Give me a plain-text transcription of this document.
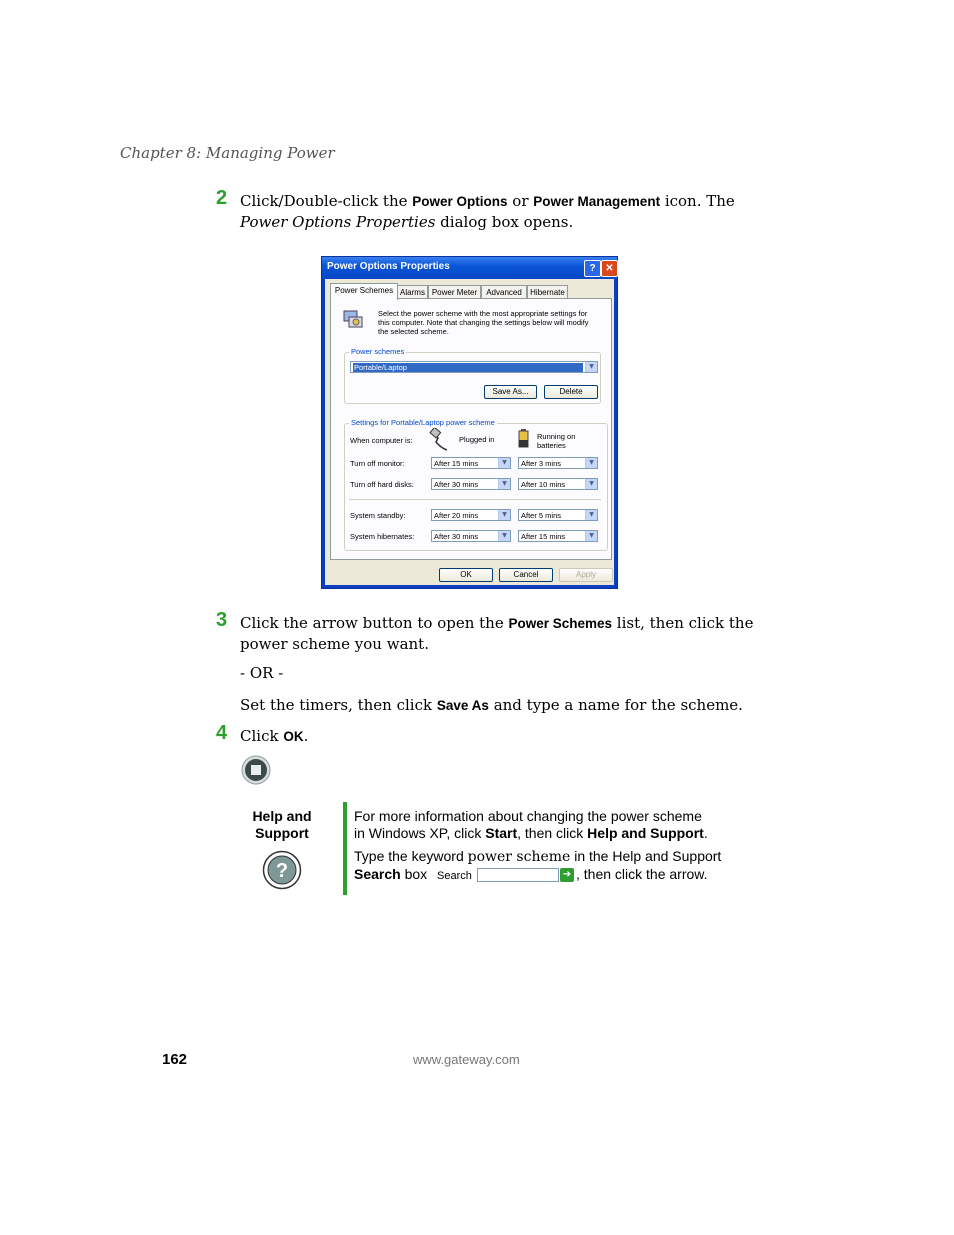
Chapter 8: Managing Power
2 Click/Double-click the Power Options or Power Management icon. The Power Options Properties dialog box opens.
Power Options Properties	? ✕
Power Schemes Alarms Power Meter	Advanced	Hibernate
Select the power scheme with the most appropriate settings for
this computer. Note that changing the settings below will modify
the selected scheme.
Power schemes
Portable/Laptop	▼
Save As...	Delete
Settings for Portable/Laptop power scheme
When computer is:	Plugged in	Running on
batteries
Turn off monitor:	After 15 mins	▼	After 3 mins	▼
Turn off hard disks:	After 30 mins	▼	After 10 mins	▼
System standby:	After 20 mins	▼	After 5 mins	▼
System hibernates:	After 30 mins	▼	After 15 mins	▼
OK	Cancel	Apply
3 Click the arrow button to open the Power Schemes list, then click the power scheme you want.
- OR -
Set the timers, then click Save As and type a name for the scheme.
4 Click OK.
Help and
Support
?
For more information about changing the power scheme in Windows XP, click Start, then click Help and Support.
Type the keyword power scheme in the Help and Support
Search box Search	➔ , then click the arrow.
162	www.gateway.com
